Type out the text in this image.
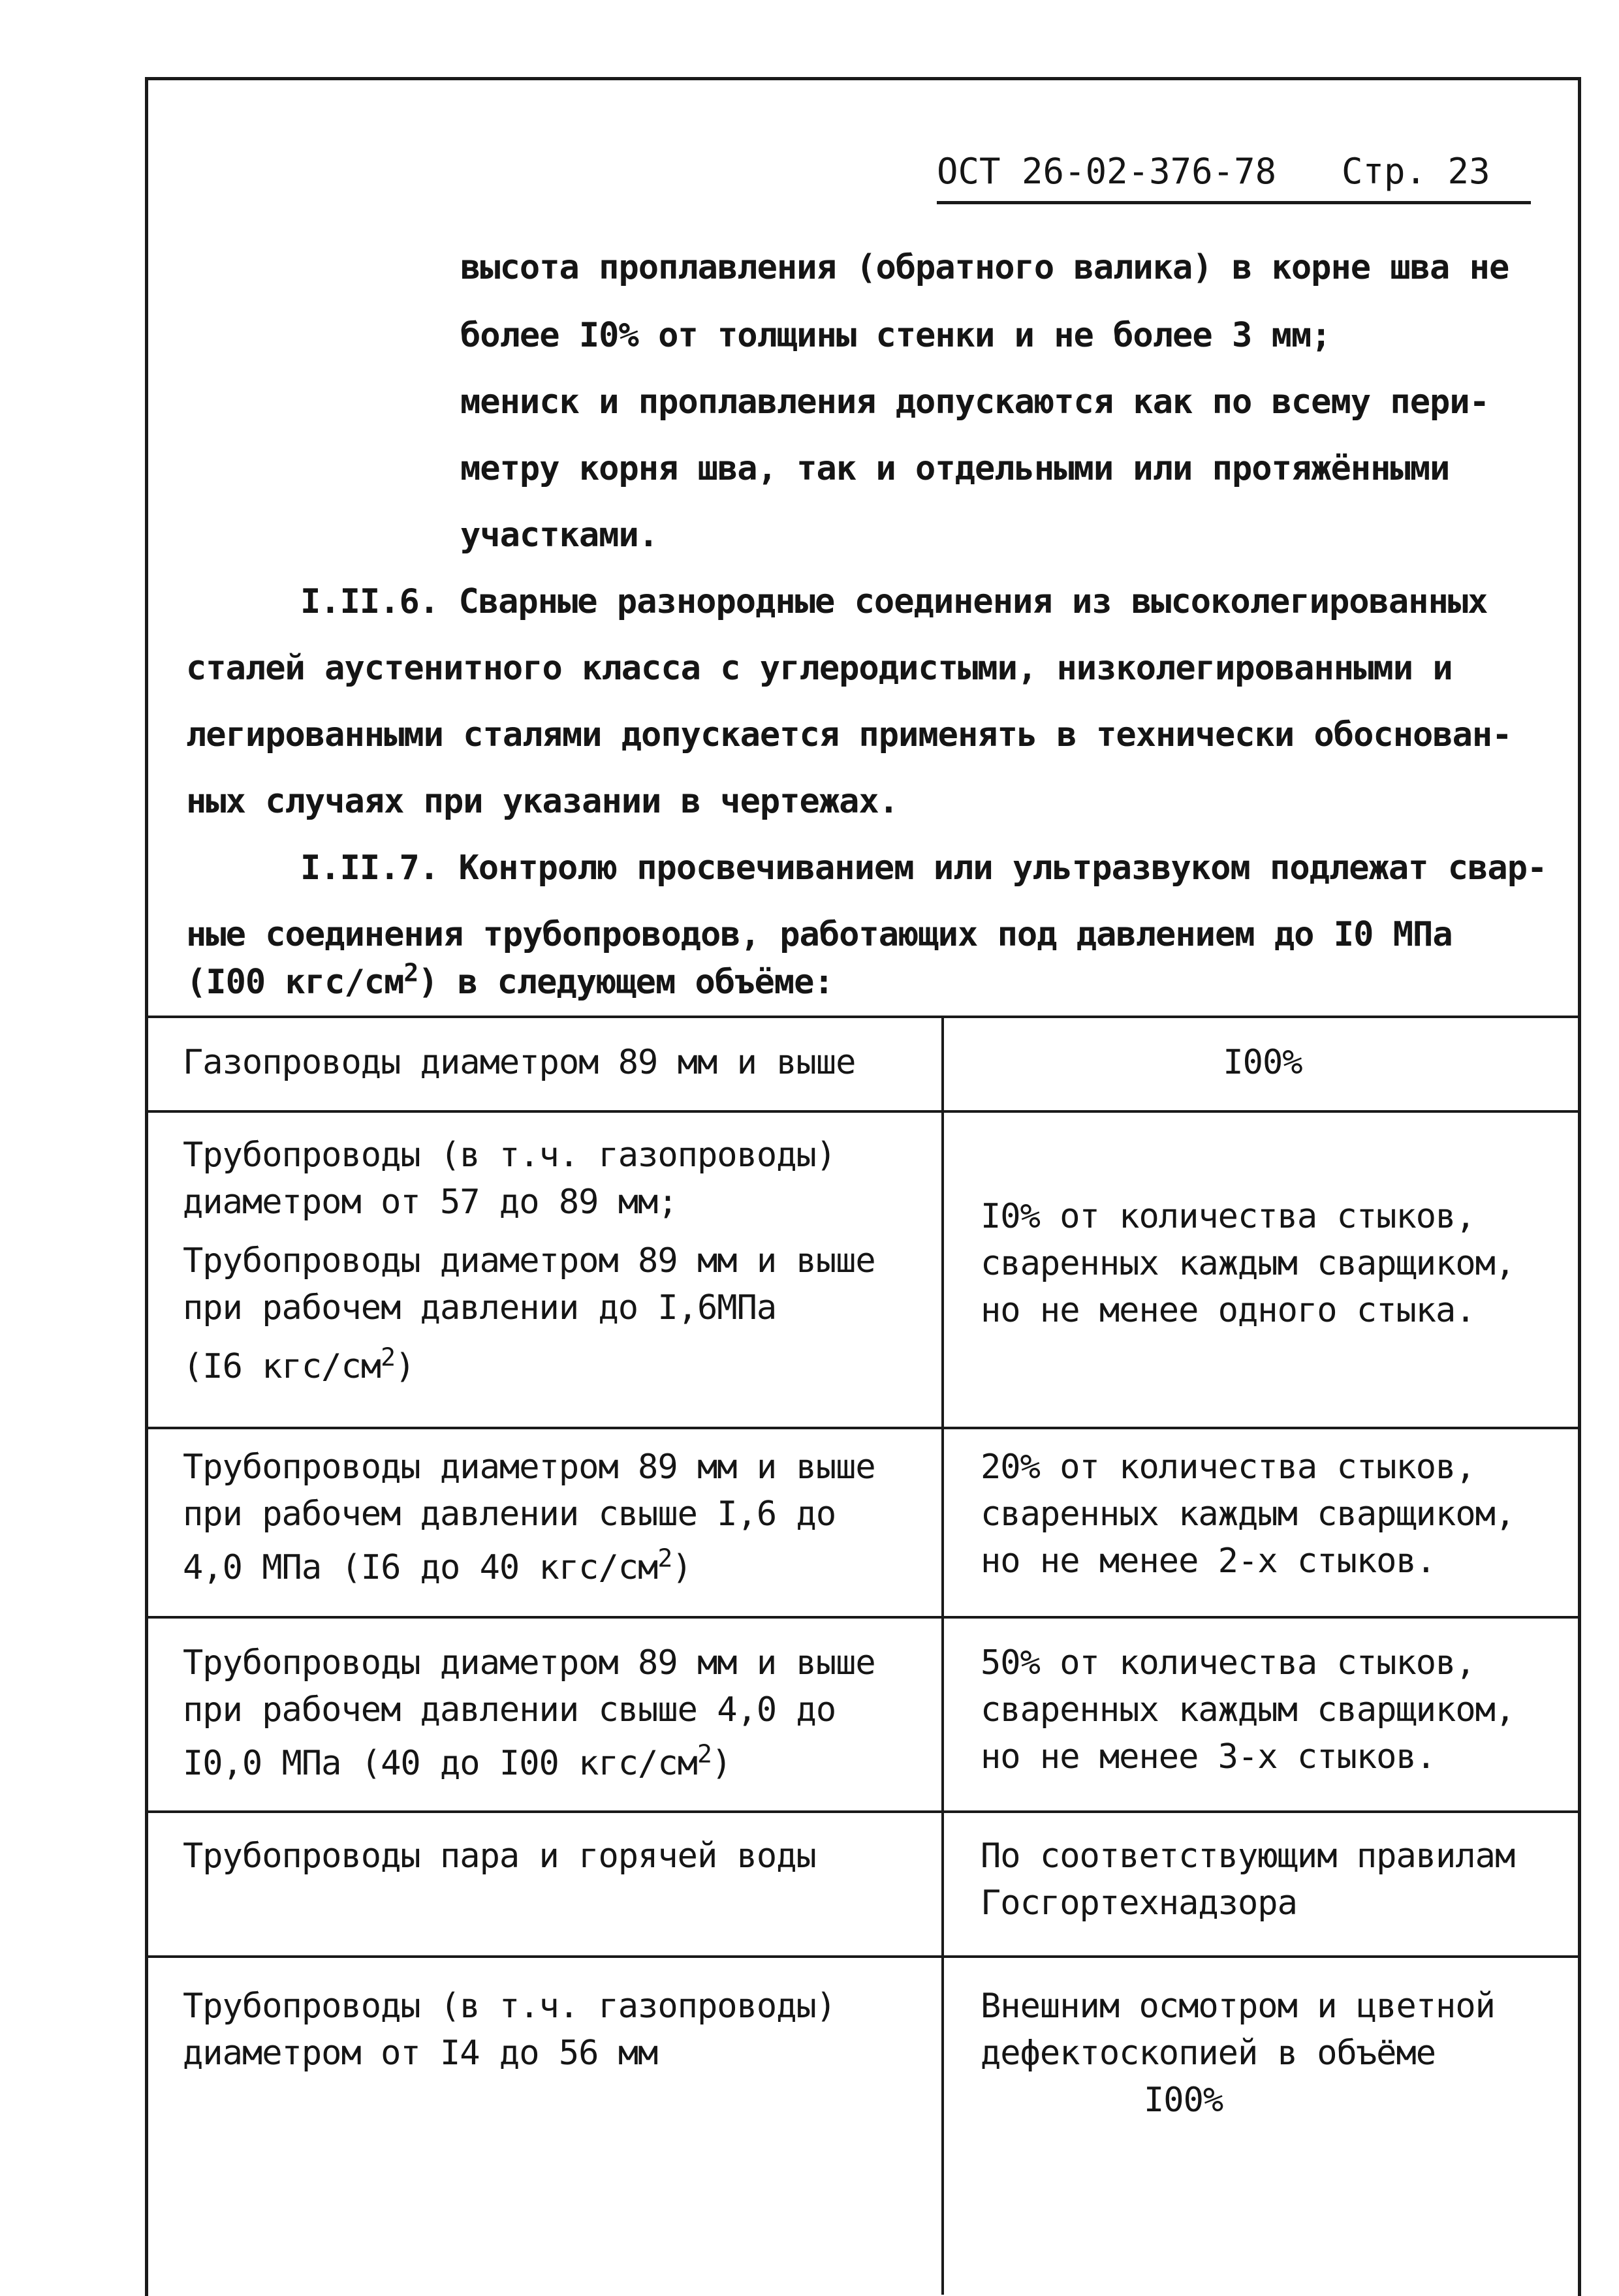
ОСТ 26-02-376-78 Стр. 23
высота проплавления (обратного валика) в корне шва не
более I0% от толщины стенки и не более 3 мм;
мениск и проплавления допускаются как по всему пери-
метру корня шва, так и отдельными или протяжёнными
участками.
I.II.6. Сварные разнородные соединения из высоколегированных
сталей аустенитного класса с углеродистыми, низколегированными и
легированными сталями допускается применять в технически обоснован-
ных случаях при указании в чертежах.
I.II.7. Контролю просвечиванием или ультразвуком подлежат свар-
ные соединения трубопроводов, работающих под давлением до I0 МПа
(I00 кгс/$см^2$) в следующем объёме:
Газопроводы диаметром 89 мм и выше	I00%
Трубопроводы (в т.ч. газопроводы)
диаметром от 57 до 89 мм;
Трубопроводы диаметром 89 мм и выше
при рабочем давлении до I,6МПа
(I6 кгс/$см^2$)
I0% от количества стыков,
сваренных каждым сварщиком,
но не менее одного стыка.
Трубопроводы диаметром 89 мм и выше
при рабочем давлении свыше I,6 до
4,0 МПа (I6 до 40 кгс/$см^2$)
20% от количества стыков,
сваренных каждым сварщиком,
но не менее 2-х стыков.
Трубопроводы диаметром 89 мм и выше
при рабочем давлении свыше 4,0 до
I0,0 МПа (40 до I00 кгс/$см^2$)
50% от количества стыков,
сваренных каждым сварщиком,
но не менее 3-х стыков.
Трубопроводы пара и горячей воды	По соответствующим правилам
Госгортехнадзора
Трубопроводы (в т.ч. газопроводы)
диаметром от I4 до 56 мм
Внешним осмотром и цветной
дефектоскопией в объёме
I00%
